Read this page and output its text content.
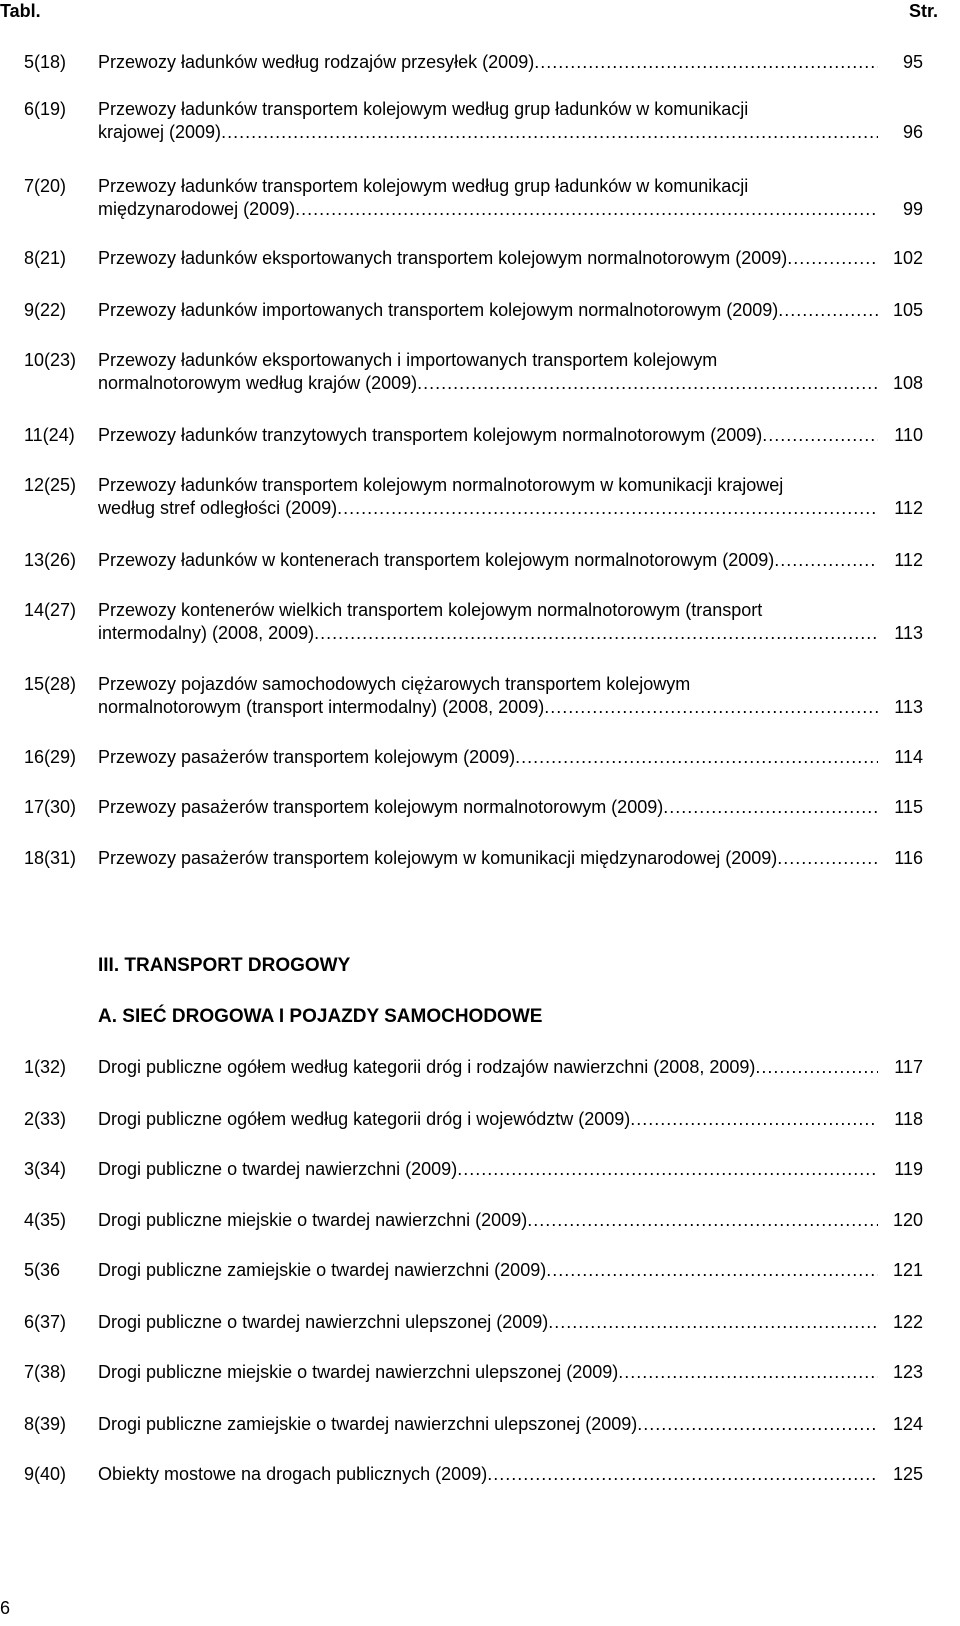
Tabl.	Str.
5(18) Przewozy ładunków według rodzajów przesyłek (2009) .....	95
6(19) Przewozy ładunków transportem kolejowym według grup ładunków w komunikacji
krajowej (2009) .....	96
7(20) Przewozy ładunków transportem kolejowym według grup ładunków w komunikacji
międzynarodowej (2009) .....	99
8(21) Przewozy ładunków eksportowanych transportem kolejowym normalnotorowym (2009) .....	102
9(22) Przewozy ładunków importowanych transportem kolejowym normalnotorowym (2009) .....	105
10(23) Przewozy ładunków eksportowanych i importowanych transportem kolejowym
normalnotorowym według krajów (2009) .....	108
11(24) Przewozy ładunków tranzytowych transportem kolejowym normalnotorowym (2009) .....	110
12(25) Przewozy ładunków transportem kolejowym normalnotorowym w komunikacji krajowej
według stref odległości (2009) .....	112
13(26) Przewozy ładunków w kontenerach transportem kolejowym normalnotorowym (2009) .....	112
14(27) Przewozy kontenerów wielkich transportem kolejowym normalnotorowym (transport
intermodalny) (2008, 2009) .....	113
15(28) Przewozy pojazdów samochodowych ciężarowych transportem kolejowym
normalnotorowym (transport intermodalny) (2008, 2009) .....	113
16(29) Przewozy pasażerów transportem kolejowym (2009) .....	114
17(30) Przewozy pasażerów transportem kolejowym normalnotorowym (2009) .....	115
18(31) Przewozy pasażerów transportem kolejowym w komunikacji międzynarodowej (2009) .....	116
III. TRANSPORT DROGOWY
A. SIEĆ DROGOWA I POJAZDY SAMOCHODOWE
1(32) Drogi publiczne ogółem według kategorii dróg i rodzajów nawierzchni (2008, 2009) .....	117
2(33) Drogi publiczne ogółem według kategorii dróg i województw (2009) .....	118
3(34) Drogi publiczne o twardej nawierzchni (2009) .....	119
4(35) Drogi publiczne miejskie o twardej nawierzchni (2009) .....	120
5(36 Drogi publiczne zamiejskie o twardej nawierzchni (2009) .....	121
6(37) Drogi publiczne o twardej nawierzchni ulepszonej (2009) .....	122
7(38) Drogi publiczne miejskie o twardej nawierzchni ulepszonej (2009) .....	123
8(39) Drogi publiczne zamiejskie o twardej nawierzchni ulepszonej (2009) .....	124
9(40) Obiekty mostowe na drogach publicznych (2009) .....	125
6
